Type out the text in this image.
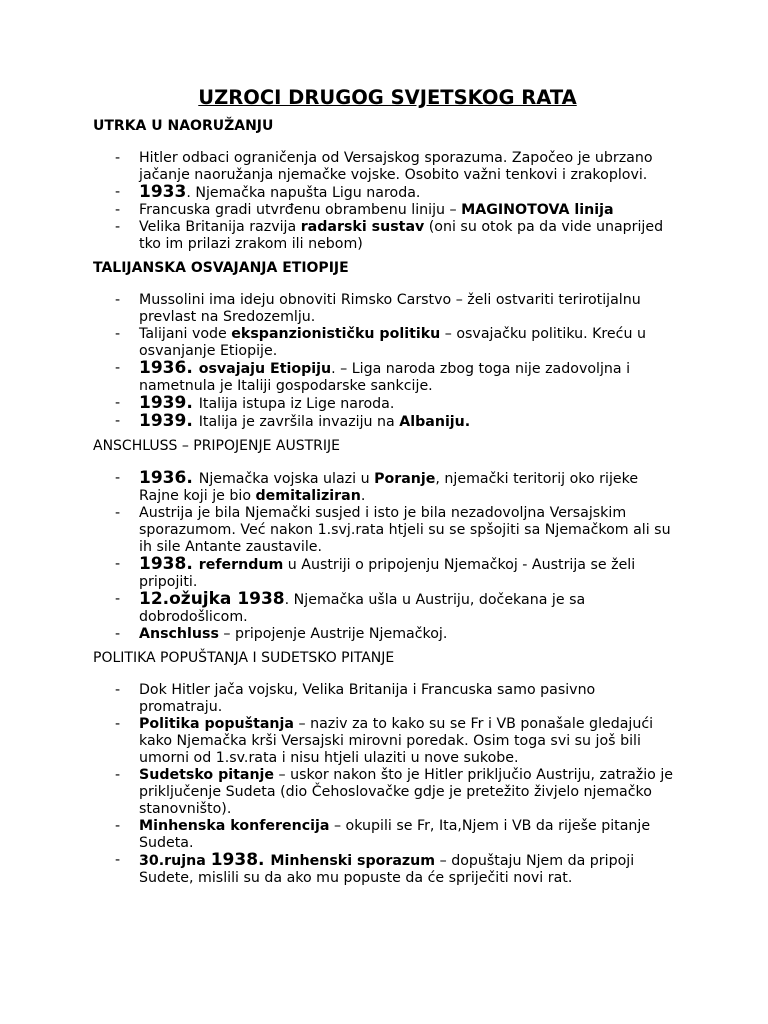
UZROCI DRUGOG SVJETSKOG RATA
UTRKA U NAORUŽANJU
- Hitler odbaci ograničenja od Versajskog sporazuma. Započeo je ubrzano jačanje naoružanja njemačke vojske. Osobito važni tenkovi i zrakoplovi.
- 1933. Njemačka napušta Ligu naroda.
- Francuska gradi utvrđenu obrambenu liniju – MAGINOTOVA linija
- Velika Britanija razvija radarski sustav (oni su otok pa da vide unaprijed tko im prilazi zrakom ili nebom)
TALIJANSKA OSVAJANJA ETIOPIJE
- Mussolini ima ideju obnoviti Rimsko Carstvo – želi ostvariti terirotijalnu prevlast na Sredozemlju.
- Talijani vode ekspanzionističku politiku – osvajačku politiku. Kreću u osvanjanje Etiopije.
- 1936. osvajaju Etiopiju. – Liga naroda zbog toga nije zadovoljna i nametnula je Italiji gospodarske sankcije.
- 1939. Italija istupa iz Lige naroda.
- 1939. Italija je završila invaziju na Albaniju.
ANSCHLUSS – PRIPOJENJE AUSTRIJE
- 1936. Njemačka vojska ulazi u Poranje, njemački teritorij oko rijeke Rajne koji je bio demitaliziran.
- Austrija je bila Njemački susjed i isto je bila nezadovoljna Versajskim sporazumom. Već nakon 1.svj.rata htjeli su se spšojiti sa Njemačkom ali su ih sile Antante zaustavile.
- 1938. referndum u Austriji o pripojenju Njemačkoj - Austrija se želi pripojiti.
- 12.ožujka 1938. Njemačka ušla u Austriju, dočekana je sa dobrodošlicom.
- Anschluss – pripojenje Austrije Njemačkoj.
POLITIKA POPUŠTANJA I SUDETSKO PITANJE
- Dok Hitler jača vojsku, Velika Britanija i Francuska samo pasivno promatraju.
- Politika popuštanja – naziv za to kako su se Fr i VB ponašale gledajući kako Njemačka krši Versajski mirovni poredak. Osim toga svi su još bili umorni od 1.sv.rata i nisu htjeli ulaziti u nove sukobe.
- Sudetsko pitanje – uskor nakon što je Hitler priključio Austriju, zatražio je priključenje Sudeta (dio Čehoslovačke gdje je pretežito živjelo njemačko stanovništo).
- Minhenska konferencija – okupili se Fr, Ita,Njem i VB da riješe pitanje Sudeta.
- 30.rujna 1938. Minhenski sporazum – dopuštaju Njem da pripoji Sudete, mislili su da ako mu popuste da će spriječiti novi rat.
